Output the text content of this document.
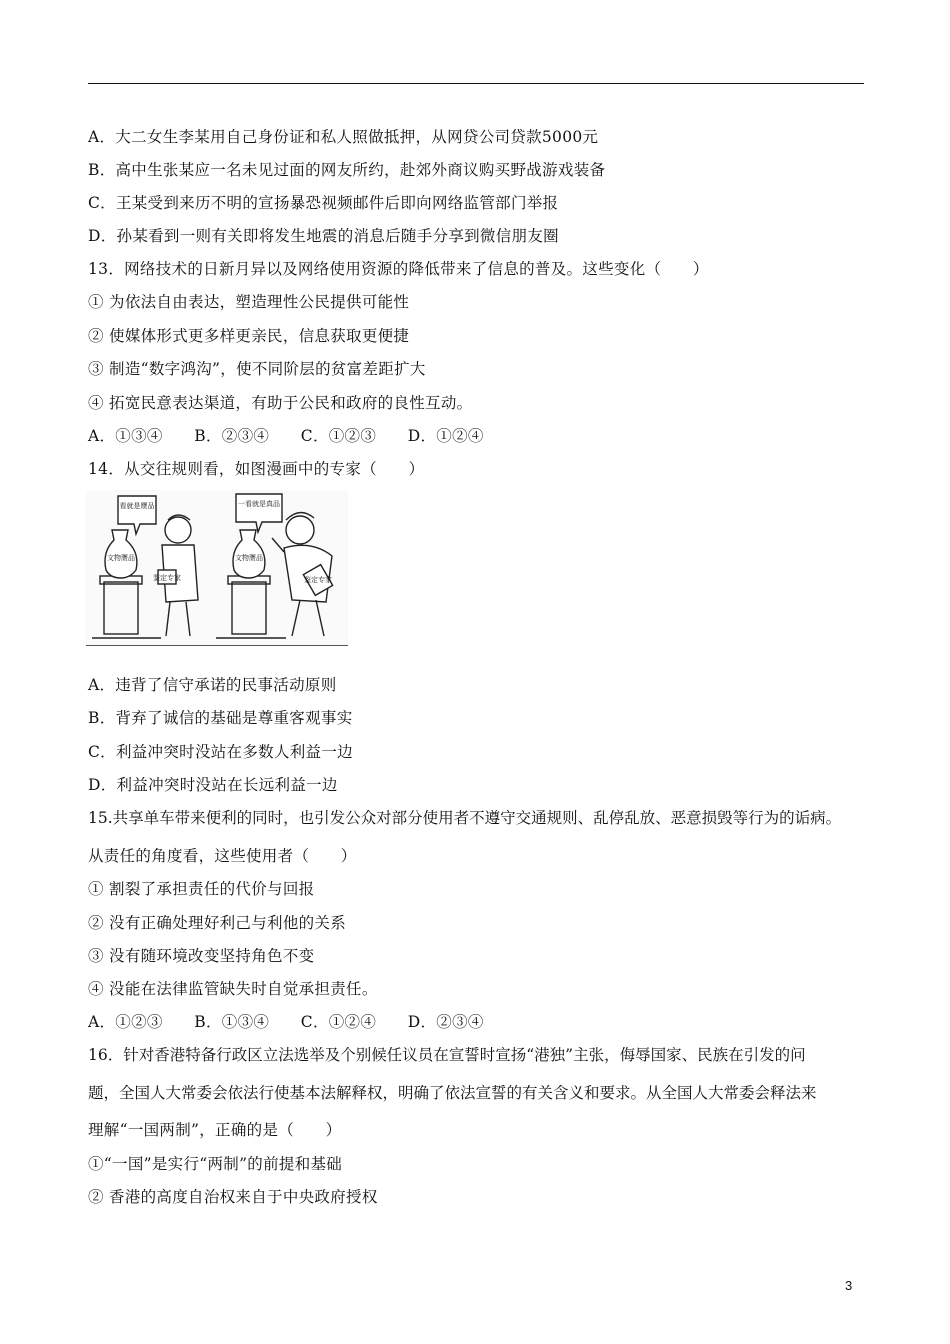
A．大二女生李某用自己身份证和私人照做抵押，从网贷公司贷款5000元
B．高中生张某应一名未见过面的网友所约，赴郊外商议购买野战游戏装备
C．王某受到来历不明的宣扬暴恐视频邮件后即向网络监管部门举报
D．孙某看到一则有关即将发生地震的消息后随手分享到微信朋友圈
13．网络技术的日新月异以及网络使用资源的降低带来了信息的普及。这些变化（　　）
① 为依法自由表达，塑造理性公民提供可能性
② 使媒体形式更多样更亲民，信息获取更便捷
③ 制造“数字鸿沟”，使不同阶层的贫富差距扩大
④ 拓宽民意表达渠道，有助于公民和政府的良性互动。
A．①③④　　B．②③④　　C．①②③　　D．①②④
14．从交往规则看，如图漫画中的专家（　　）
看就是赝品	一看就是真品
文物赝品	文物赝品
鉴定专家	鉴定专家
A．违背了信守承诺的民事活动原则
B．背弃了诚信的基础是尊重客观事实
C．利益冲突时没站在多数人利益一边
D．利益冲突时没站在长远利益一边
15.共享单车带来便利的同时，也引发公众对部分使用者不遵守交通规则、乱停乱放、恶意损毁等行为的诟病。
从责任的角度看，这些使用者（　　）
① 割裂了承担责任的代价与回报
② 没有正确处理好利己与利他的关系
③ 没有随环境改变坚持角色不变
④ 没能在法律监管缺失时自觉承担责任。
A．①②③　　B．①③④　　C．①②④　　D．②③④
16．针对香港特备行政区立法选举及个别候任议员在宣誓时宣扬“港独”主张，侮辱国家、民族在引发的问
题，全国人大常委会依法行使基本法解释权，明确了依法宣誓的有关含义和要求。从全国人大常委会释法来
理解“一国两制”，正确的是（　　）
①“一国”是实行“两制”的前提和基础
② 香港的高度自治权来自于中央政府授权
3
